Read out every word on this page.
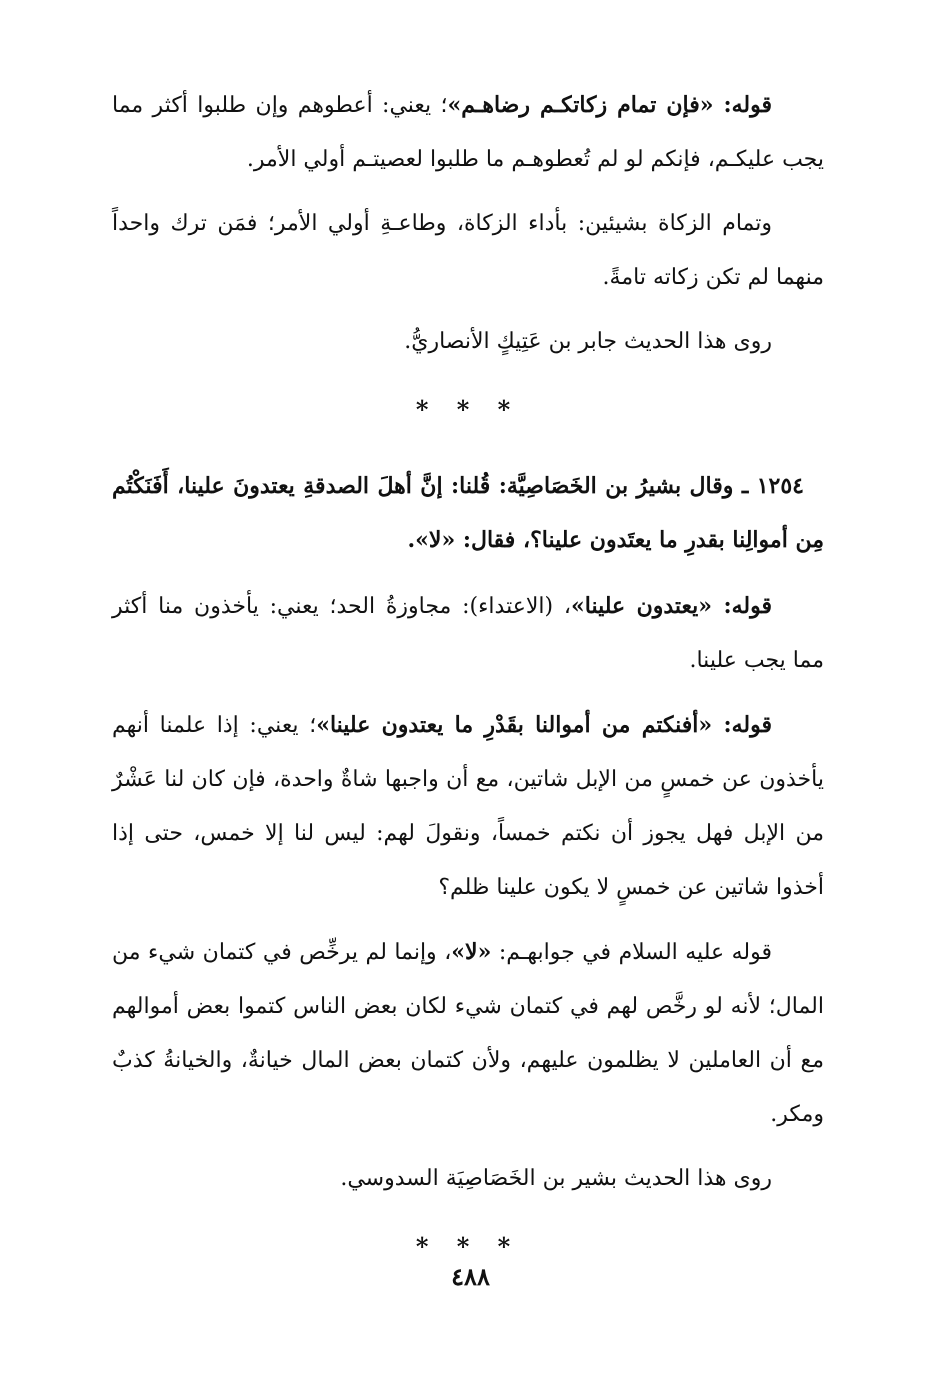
قوله: «فإن تمام زكاتكـم رضاهـم»؛ يعني: أعطوهم وإن طلبوا أكثر مما يجب عليكـم، فإنكم لو لم تُعطوهـم ما طلبوا لعصيتـم أولي الأمر.

وتمام الزكاة بشيئين: بأداء الزكاة، وطاعـةِ أولي الأمر؛ فمَن ترك واحداً منهما لم تكن زكاته تامةً.

روى هذا الحديث جابر بن عَتِيكٍ الأنصاريُّ.

* * *

١٢٥٤ ـ وقال بشيرُ بن الخَصَاصِيَّة: قُلنا: إنَّ أهلَ الصدقةِ يعتدونَ علينا، أَفَنَكْتُم مِن أموالِنا بقدرِ ما يعتَدون علينا؟، فقال: «لا».

قوله: «يعتدون علينا»، (الاعتداء): مجاوزةُ الحد؛ يعني: يأخذون منا أكثر مما يجب علينا.

قوله: «أفنكتم من أموالنا بقَدْرِ ما يعتدون علينا»؛ يعني: إذا علمنا أنهم يأخذون عن خمسٍ من الإبل شاتين، مع أن واجبها شاةٌ واحدة، فإن كان لنا عَشْرٌ من الإبل فهل يجوز أن نكتم خمساً، ونقولَ لهم: ليس لنا إلا خمس، حتى إذا أخذوا شاتين عن خمسٍ لا يكون علينا ظلم؟

قوله عليه السلام في جوابهـم: «لا»، وإنما لم يرخِّص في كتمان شيء من المال؛ لأنه لو رخَّص لهم في كتمان شيء لكان بعض الناس كتموا بعض أموالهم مع أن العاملين لا يظلمون عليهم، ولأن كتمان بعض المال خيانةٌ، والخيانةُ كذبٌ ومكر.

روى هذا الحديث بشير بن الخَصَاصِيَة السدوسي.

* * *
٤٨٨
